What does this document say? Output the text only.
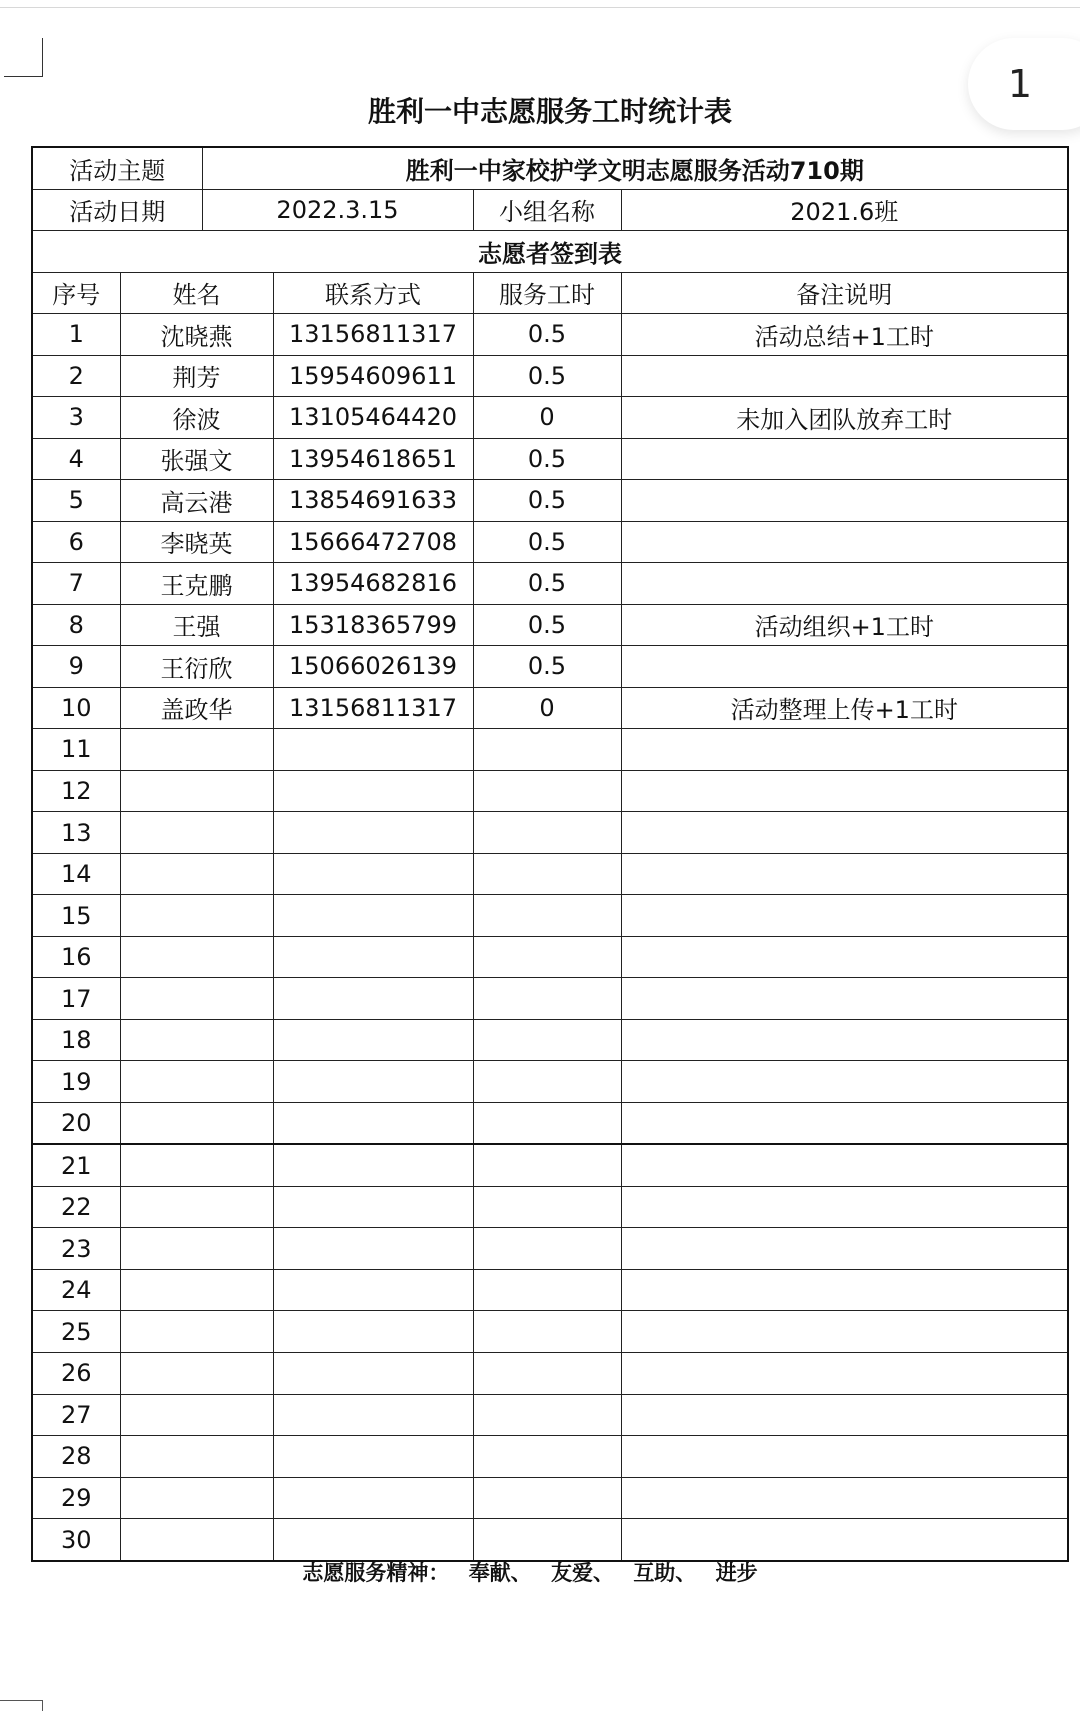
1
胜利一中志愿服务工时统计表
活动主题		胜利一中家校护学文明志愿服务活动710期			
活动日期		2022.3.15		小组名称	2021.6班
志愿者签到表					
序号	姓名		联系方式	服务工时	备注说明
1	沈晓燕		13156811317	0.5	活动总结+1工时
2	荆芳		15954609611	0.5	
3	徐波		13105464420	0	未加入团队放弃工时
4	张强文		13954618651	0.5	
5	高云港		13854691633	0.5	
6	李晓英		15666472708	0.5	
7	王克鹏		13954682816	0.5	
8	王强		15318365799	0.5	活动组织+1工时
9	王衍欣		15066026139	0.5	
10	盖政华		13156811317	0	活动整理上传+1工时
11					
12					
13					
14					
15					
16					
17					
18					
19					
20					
21					
22					
23					
24					
25					
26					
27					
28					
29					
30					
志愿服务精神： 奉献、 友爱、 互助、 进步
